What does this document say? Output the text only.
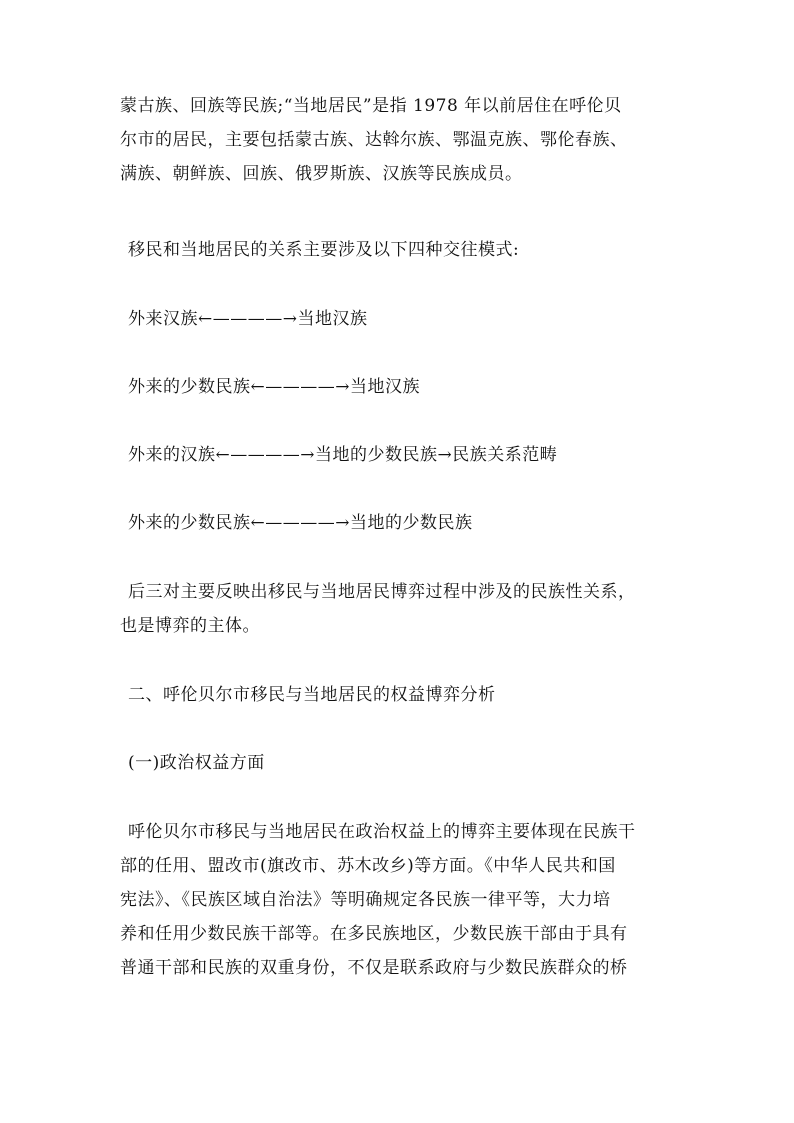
蒙古族、回族等民族;“当地居民”是指 1978 年以前居住在呼伦贝
尔市的居民，主要包括蒙古族、达斡尔族、鄂温克族、鄂伦春族、
满族、朝鲜族、回族、俄罗斯族、汉族等民族成员。
移民和当地居民的关系主要涉及以下四种交往模式:
外来汉族←————→当地汉族
外来的少数民族←————→当地汉族
外来的汉族←————→当地的少数民族→民族关系范畴
外来的少数民族←————→当地的少数民族
后三对主要反映出移民与当地居民博弈过程中涉及的民族性关系，
也是博弈的主体。
二、呼伦贝尔市移民与当地居民的权益博弈分析
(一)政治权益方面
呼伦贝尔市移民与当地居民在政治权益上的博弈主要体现在民族干
部的任用、盟改市(旗改市、苏木改乡)等方面。《中华人民共和国
宪法》、《民族区域自治法》等明确规定各民族一律平等，大力培
养和任用少数民族干部等。在多民族地区，少数民族干部由于具有
普通干部和民族的双重身份，不仅是联系政府与少数民族群众的桥
